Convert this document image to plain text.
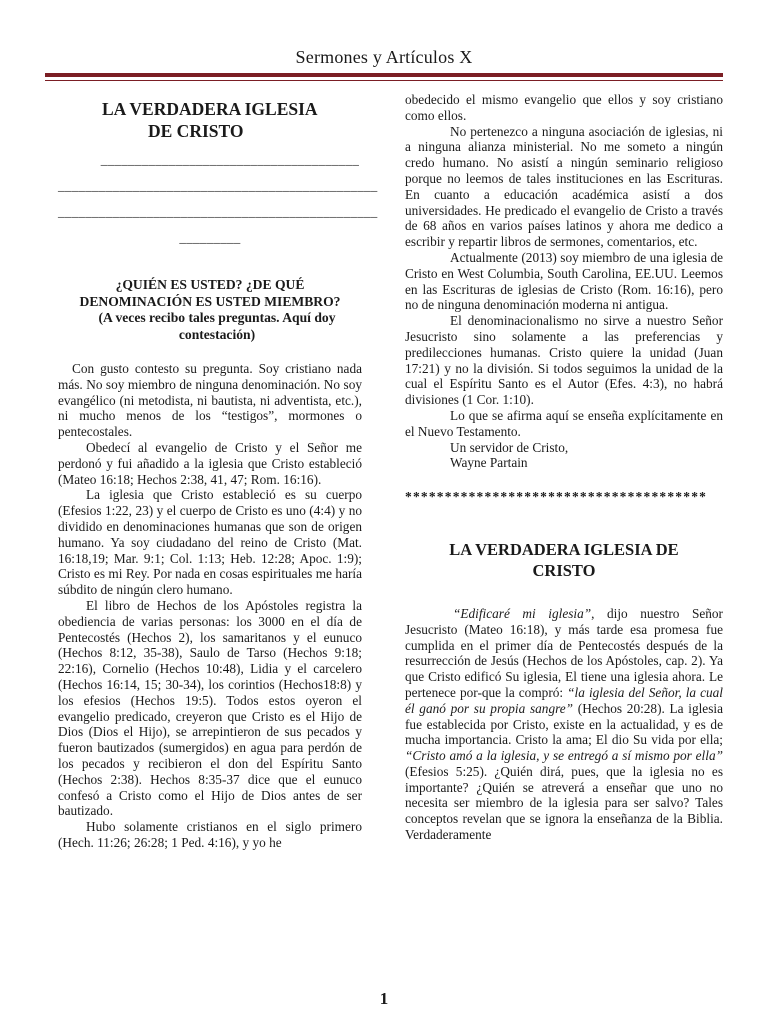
Sermones y Artículos X
LA VERDADERA IGLESIA
DE CRISTO
______________________________________
_______________________________________________
_______________________________________________
_________
¿QUIÉN ES USTED? ¿DE QUÉ
DENOMINACIÓN ES USTED MIEMBRO?
(A veces recibo tales preguntas. Aquí doy
contestación)

Con gusto contesto su pregunta. Soy cristiano nada más. No soy miembro de ninguna denominación. No soy evangélico (ni metodista, ni bautista, ni adventista, etc.), ni mucho menos de los “testigos”, mormones o pentecostales.

Obedecí al evangelio de Cristo y el Señor me perdonó y fui añadido a la iglesia que Cristo estableció (Mateo 16:18; Hechos 2:38, 41, 47; Rom. 16:16).

La iglesia que Cristo estableció es su cuerpo (Efesios 1:22, 23) y el cuerpo de Cristo es uno (4:4) y no dividido en denominaciones humanas que son de origen humano. Ya soy ciudadano del reino de Cristo (Mat. 16:18,19; Mar. 9:1; Col. 1:13; Heb. 12:28; Apoc. 1:9); Cristo es mi Rey. Por nada en cosas espirituales me haría súbdito de ningún clero humano.

El libro de Hechos de los Apóstoles registra la obediencia de varias personas: los 3000 en el día de Pentecostés (Hechos 2), los samaritanos y el eunuco (Hechos 8:12, 35-38), Saulo de Tarso (Hechos 9:18; 22:16), Cornelio (Hechos 10:48), Lidia y el carcelero (Hechos 16:14, 15; 30-34), los corintios (Hechos18:8) y los efesios (Hechos 19:5). Todos estos oyeron el evangelio predicado, creyeron que Cristo es el Hijo de Dios (Dios el Hijo), se arrepintieron de sus pecados y fueron bautizados (sumergidos) en agua para perdón de los pecados y recibieron el don del Espíritu Santo (Hechos 2:38). Hechos 8:35-37 dice que el eunuco confesó a Cristo como el Hijo de Dios antes de ser bautizado.

Hubo solamente cristianos en el siglo primero (Hech. 11:26; 26:28; 1 Ped. 4:16), y yo he

obedecido el mismo evangelio que ellos y soy cristiano como ellos.

No pertenezco a ninguna asociación de iglesias, ni a ninguna alianza ministerial. No me someto a ningún credo humano. No asistí a ningún seminario religioso porque no leemos de tales instituciones en las Escrituras. En cuanto a educación académica asistí a dos universidades. He predicado el evangelio de Cristo a través de 68 años en varios países latinos y ahora me dedico a escribir y repartir libros de sermones, comentarios, etc.

Actualmente (2013) soy miembro de una iglesia de Cristo en West Columbia, South Carolina, EE.UU. Leemos en las Escrituras de iglesias de Cristo (Rom. 16:16), pero no de ninguna denominación moderna ni antigua.

El denominacionalismo no sirve a nuestro Señor Jesucristo sino solamente a las preferencias y predilecciones humanas. Cristo quiere la unidad (Juan 17:21) y no la división. Si todos seguimos la unidad de la cual el Espíritu Santo es el Autor (Efes. 4:3), no habrá divisiones (1 Cor. 1:10).

Lo que se afirma aquí se enseña explícitamente en el Nuevo Testamento.

Un servidor de Cristo,

Wayne Partain

**************************************
LA VERDADERA IGLESIA DE
CRISTO

“Edificaré mi iglesia”, dijo nuestro Señor Jesucristo (Mateo 16:18), y más tarde esa promesa fue cumplida en el primer día de Pentecostés después de la resurrección de Jesús (Hechos de los Apóstoles, cap. 2). Ya que Cristo edificó Su iglesia, El tiene una iglesia ahora. Le pertenece por-que la compró: “la iglesia del Señor, la cual él ganó por su propia sangre” (Hechos 20:28). La iglesia fue establecida por Cristo, existe en la actualidad, y es de mucha importancia. Cristo la ama; El dio Su vida por ella; “Cristo amó a la iglesia, y se entregó a sí mismo por ella” (Efesios 5:25). ¿Quién dirá, pues, que la iglesia no es importante? ¿Quién se atreverá a enseñar que uno no necesita ser miembro de la iglesia para ser salvo? Tales conceptos revelan que se ignora la enseñanza de la Biblia. Verdaderamente

1
